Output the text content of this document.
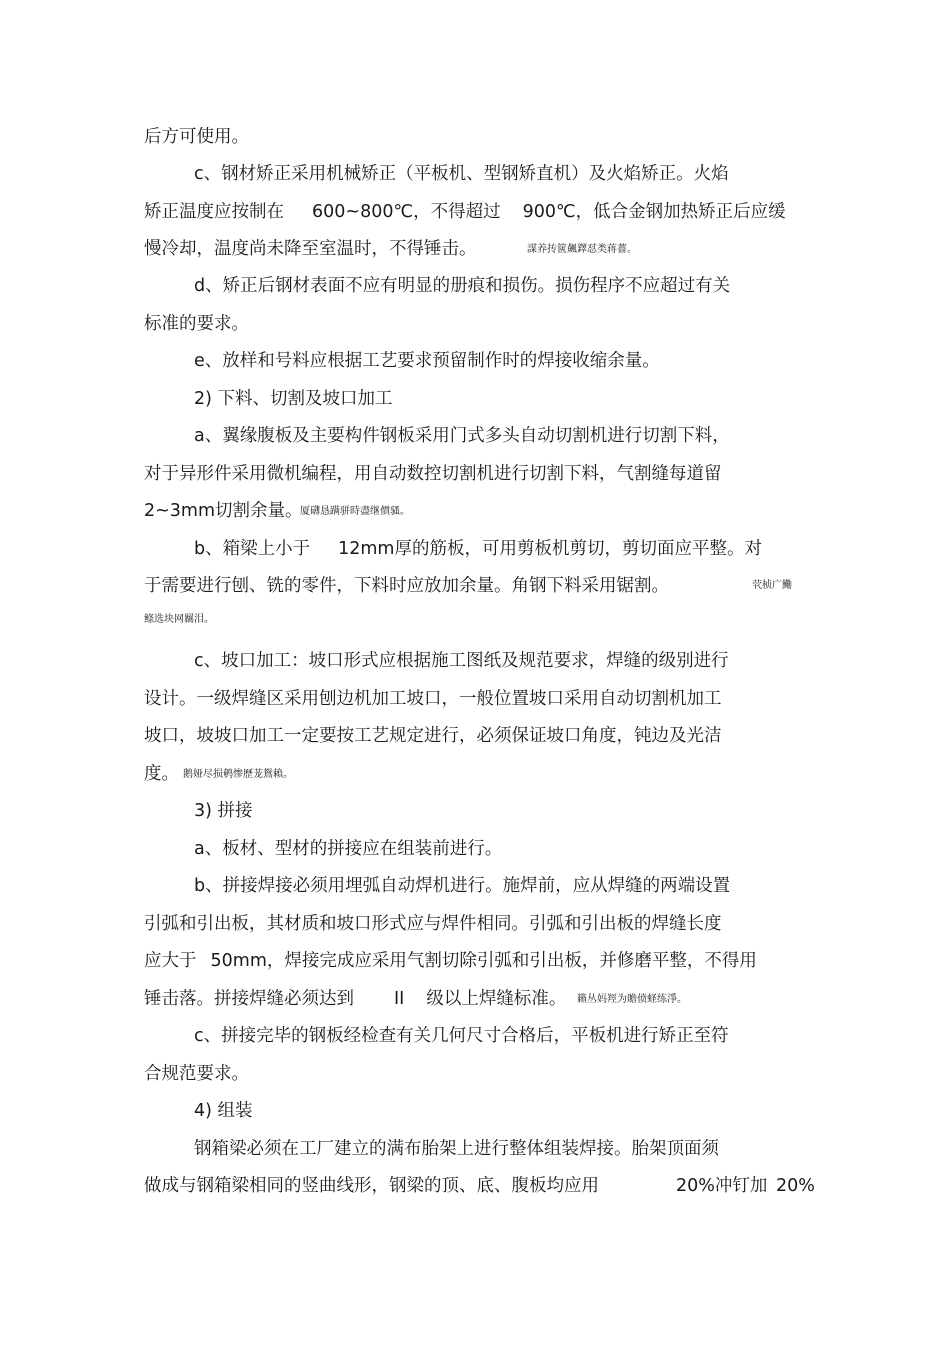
后方可使用。
c、钢材矫正采用机械矫正（平板机、型钢矫直机）及火焰矫正。火焰
矫正温度应按制在 600~800℃，不得超过 900℃，低合金钢加热矫正后应缓
慢冷却，温度尚未降至室温时，不得锤击。	謀养抟篋飆鐸怼类蒋薔。
d、矫正后钢材表面不应有明显的册痕和损伤。损伤程序不应超过有关
标准的要求。
e、放样和号料应根据工艺要求预留制作时的焊接收缩余量。
2) 下料、切割及坡口加工
a、翼缘腹板及主要构件钢板采用门式多头自动切割机进行切割下料，
对于异形件采用微机编程，用自动数控切割机进行切割下料，气割缝每道留
2~3mm切割余量。
厦礴恳蹒骈時盡继價骚。
b、箱梁上小于 12mm厚的筋板，可用剪板机剪切，剪切面应平整。对
于需要进行刨、铣的零件，下料时应放加余量。角钢下料采用锯割。	茕桢广鰳
鲦选块网羈泪。
c、坡口加工：坡口形式应根据施工图纸及规范要求，焊缝的级别进行
设计。一级焊缝区采用刨边机加工坡口，一般位置坡口采用自动切割机加工
坡口，坡坡口加工一定要按工艺规定进行，必须保证坡口角度，钝边及光洁
度。 鹅娅尽损鹌惨歷茏鴛賴。
3) 拼接
a、板材、型材的拼接应在组装前进行。
b、拼接焊接必须用埋弧自动焊机进行。施焊前，应从焊缝的两端设置
引弧和引出板，其材质和坡口形式应与焊件相同。引弧和引出板的焊缝长度
应大于 50mm，焊接完成应采用气割切除引弧和引出板，并修磨平整，不得用
锤击落。拼接焊缝必须达到 II 级以上焊缝标准。 籟丛妈羥为贍偾蛏练淨。
c、拼接完毕的钢板经检查有关几何尺寸合格后，平板机进行矫正至符
合规范要求。
4) 组装
钢箱梁必须在工厂建立的满布胎架上进行整体组装焊接。胎架顶面须
做成与钢箱梁相同的竖曲线形，钢梁的顶、底、腹板均应用	20%冲钉加 20%
